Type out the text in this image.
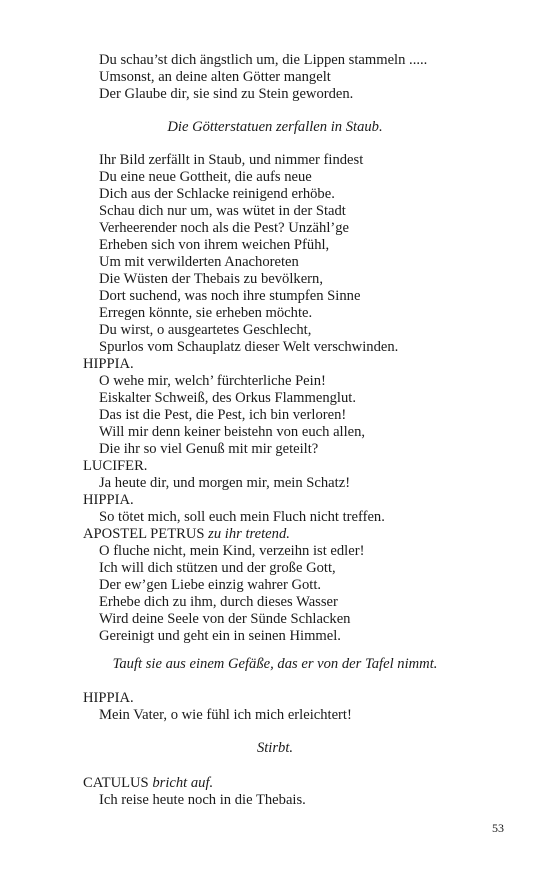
Du schau’st dich ängstlich um, die Lippen stammeln .....
Umsonst, an deine alten Götter mangelt
Der Glaube dir, sie sind zu Stein geworden.
Die Götterstatuen zerfallen in Staub.
Ihr Bild zerfällt in Staub, und nimmer findest
Du eine neue Gottheit, die aufs neue
Dich aus der Schlacke reinigend erhöbe.
Schau dich nur um, was wütet in der Stadt
Verheerender noch als die Pest? Unzähl’ge
Erheben sich von ihrem weichen Pfühl,
Um mit verwilderten Anachoreten
Die Wüsten der Thebais zu bevölkern,
Dort suchend, was noch ihre stumpfen Sinne
Erregen könnte, sie erheben möchte.
Du wirst, o ausgeartetes Geschlecht,
Spurlos vom Schauplatz dieser Welt verschwinden.
HIPPIA.
O wehe mir, welch’ fürchterliche Pein!
Eiskalter Schweiß, des Orkus Flammenglut.
Das ist die Pest, die Pest, ich bin verloren!
Will mir denn keiner beistehn von euch allen,
Die ihr so viel Genuß mit mir geteilt?
LUCIFER.
Ja heute dir, und morgen mir, mein Schatz!
HIPPIA.
So tötet mich, soll euch mein Fluch nicht treffen.
APOSTEL PETRUS zu ihr tretend.
O fluche nicht, mein Kind, verzeihn ist edler!
Ich will dich stützen und der große Gott,
Der ew’gen Liebe einzig wahrer Gott.
Erhebe dich zu ihm, durch dieses Wasser
Wird deine Seele von der Sünde Schlacken
Gereinigt und geht ein in seinen Himmel.
Tauft sie aus einem Gefäße, das er von der Tafel nimmt.
HIPPIA.
Mein Vater, o wie fühl ich mich erleichtert!
Stirbt.
CATULUS bricht auf.
Ich reise heute noch in die Thebais.
53
